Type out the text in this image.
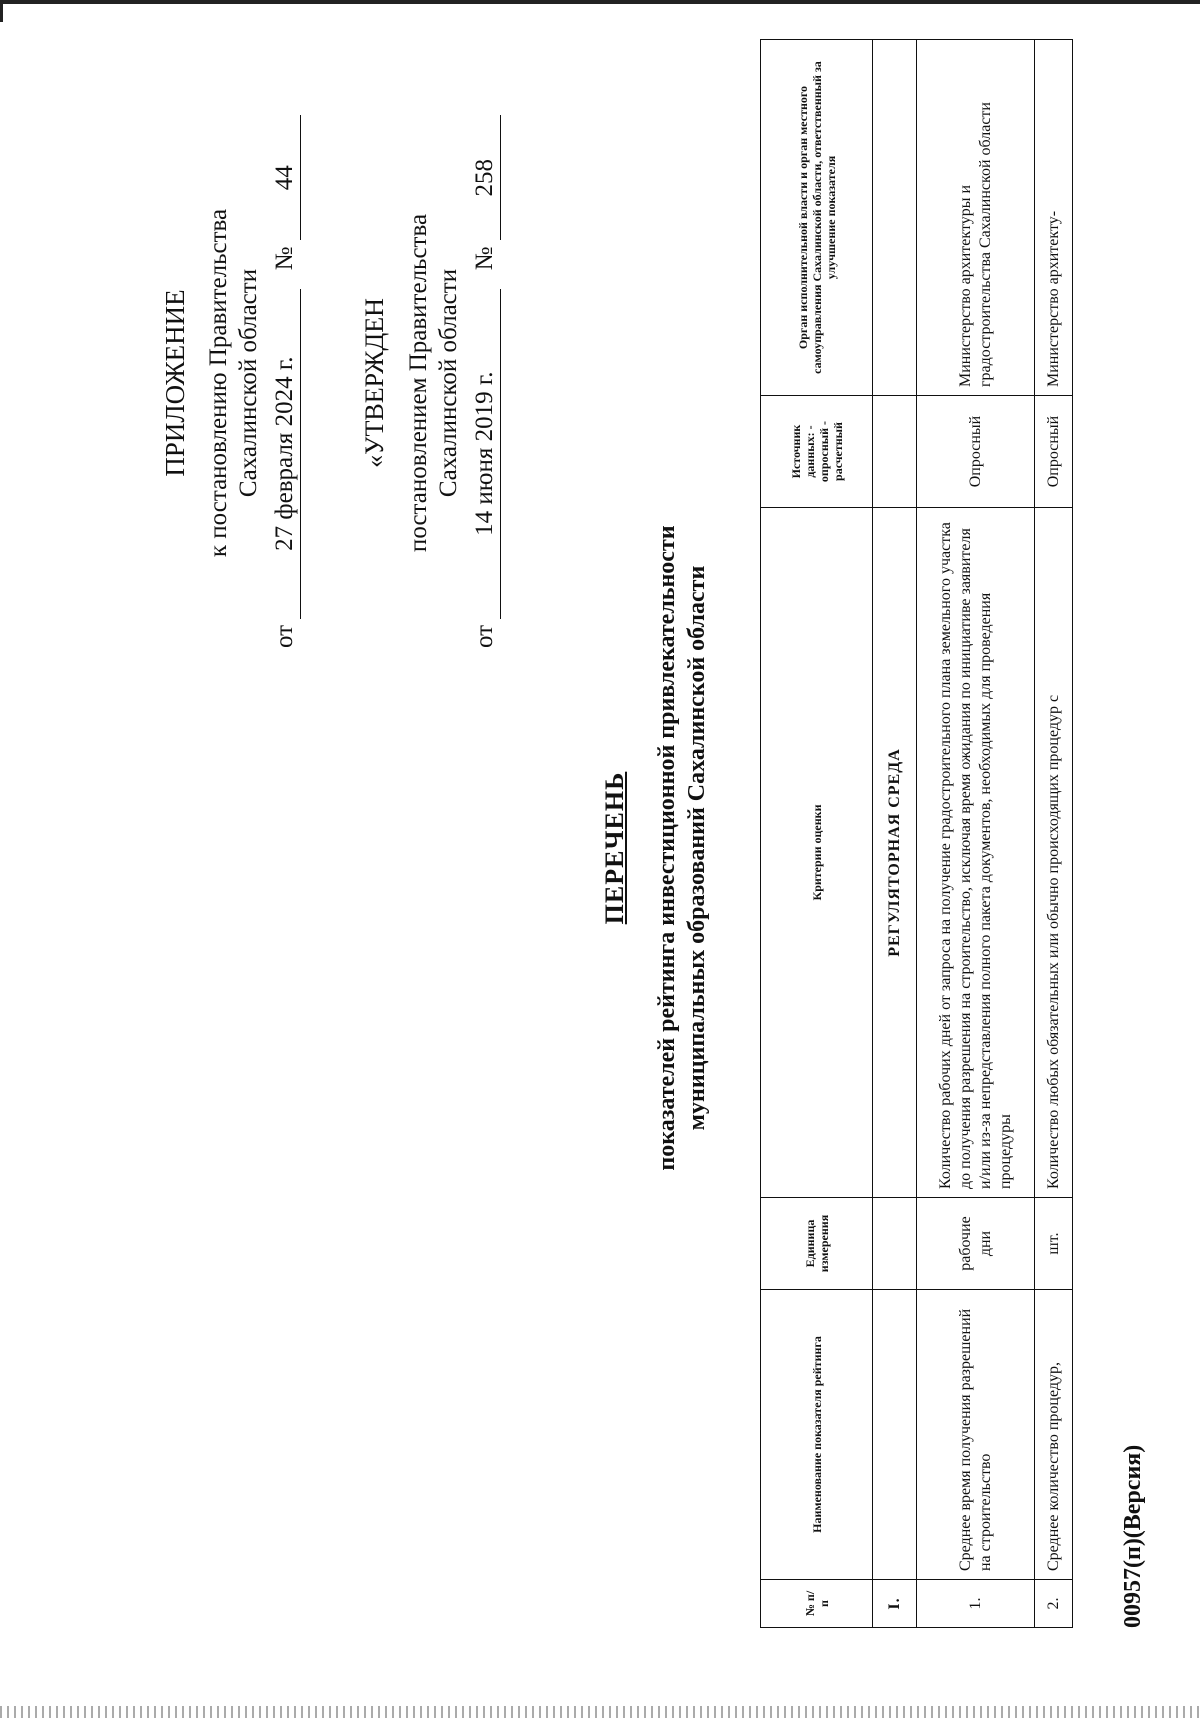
ПРИЛОЖЕНИЕ к постановлению Правительства Сахалинской области
от 27 февраля 2024 г. № 44
«УТВЕРЖДЕН постановлением Правительства Сахалинской области
от 14 июня 2019 г. № 258
ПЕРЕЧЕНЬ показателей рейтинга инвестиционной привлекательности муниципальных образований Сахалинской области
№ п/п	Наименование показателя рейтинга	Единица измерения	Критерии оценки	Источник данных: - опросный - расчетный	Орган исполнительной власти и орган местного самоуправления Сахалинской области, ответственный за улучшение показателя
I.			РЕГУЛЯТОРНАЯ СРЕДА		
1.	Среднее время получения разрешений на строительство	рабочие дни	Количество рабочих дней от запроса на получение градостроительного плана земельного участка до получения разрешения на строительство, исключая время ожидания по инициативе заявителя и/или из-за непредставления полного пакета документов, необходимых для проведения процедуры	Опросный	Министерство архитектуры и градостроительства Сахалинской области
2.	Среднее количество процедур,	шт.	Количество любых обязательных или обычно происходящих процедур с	Опросный	Министерство архитекту-
00957(п)(Версия)
